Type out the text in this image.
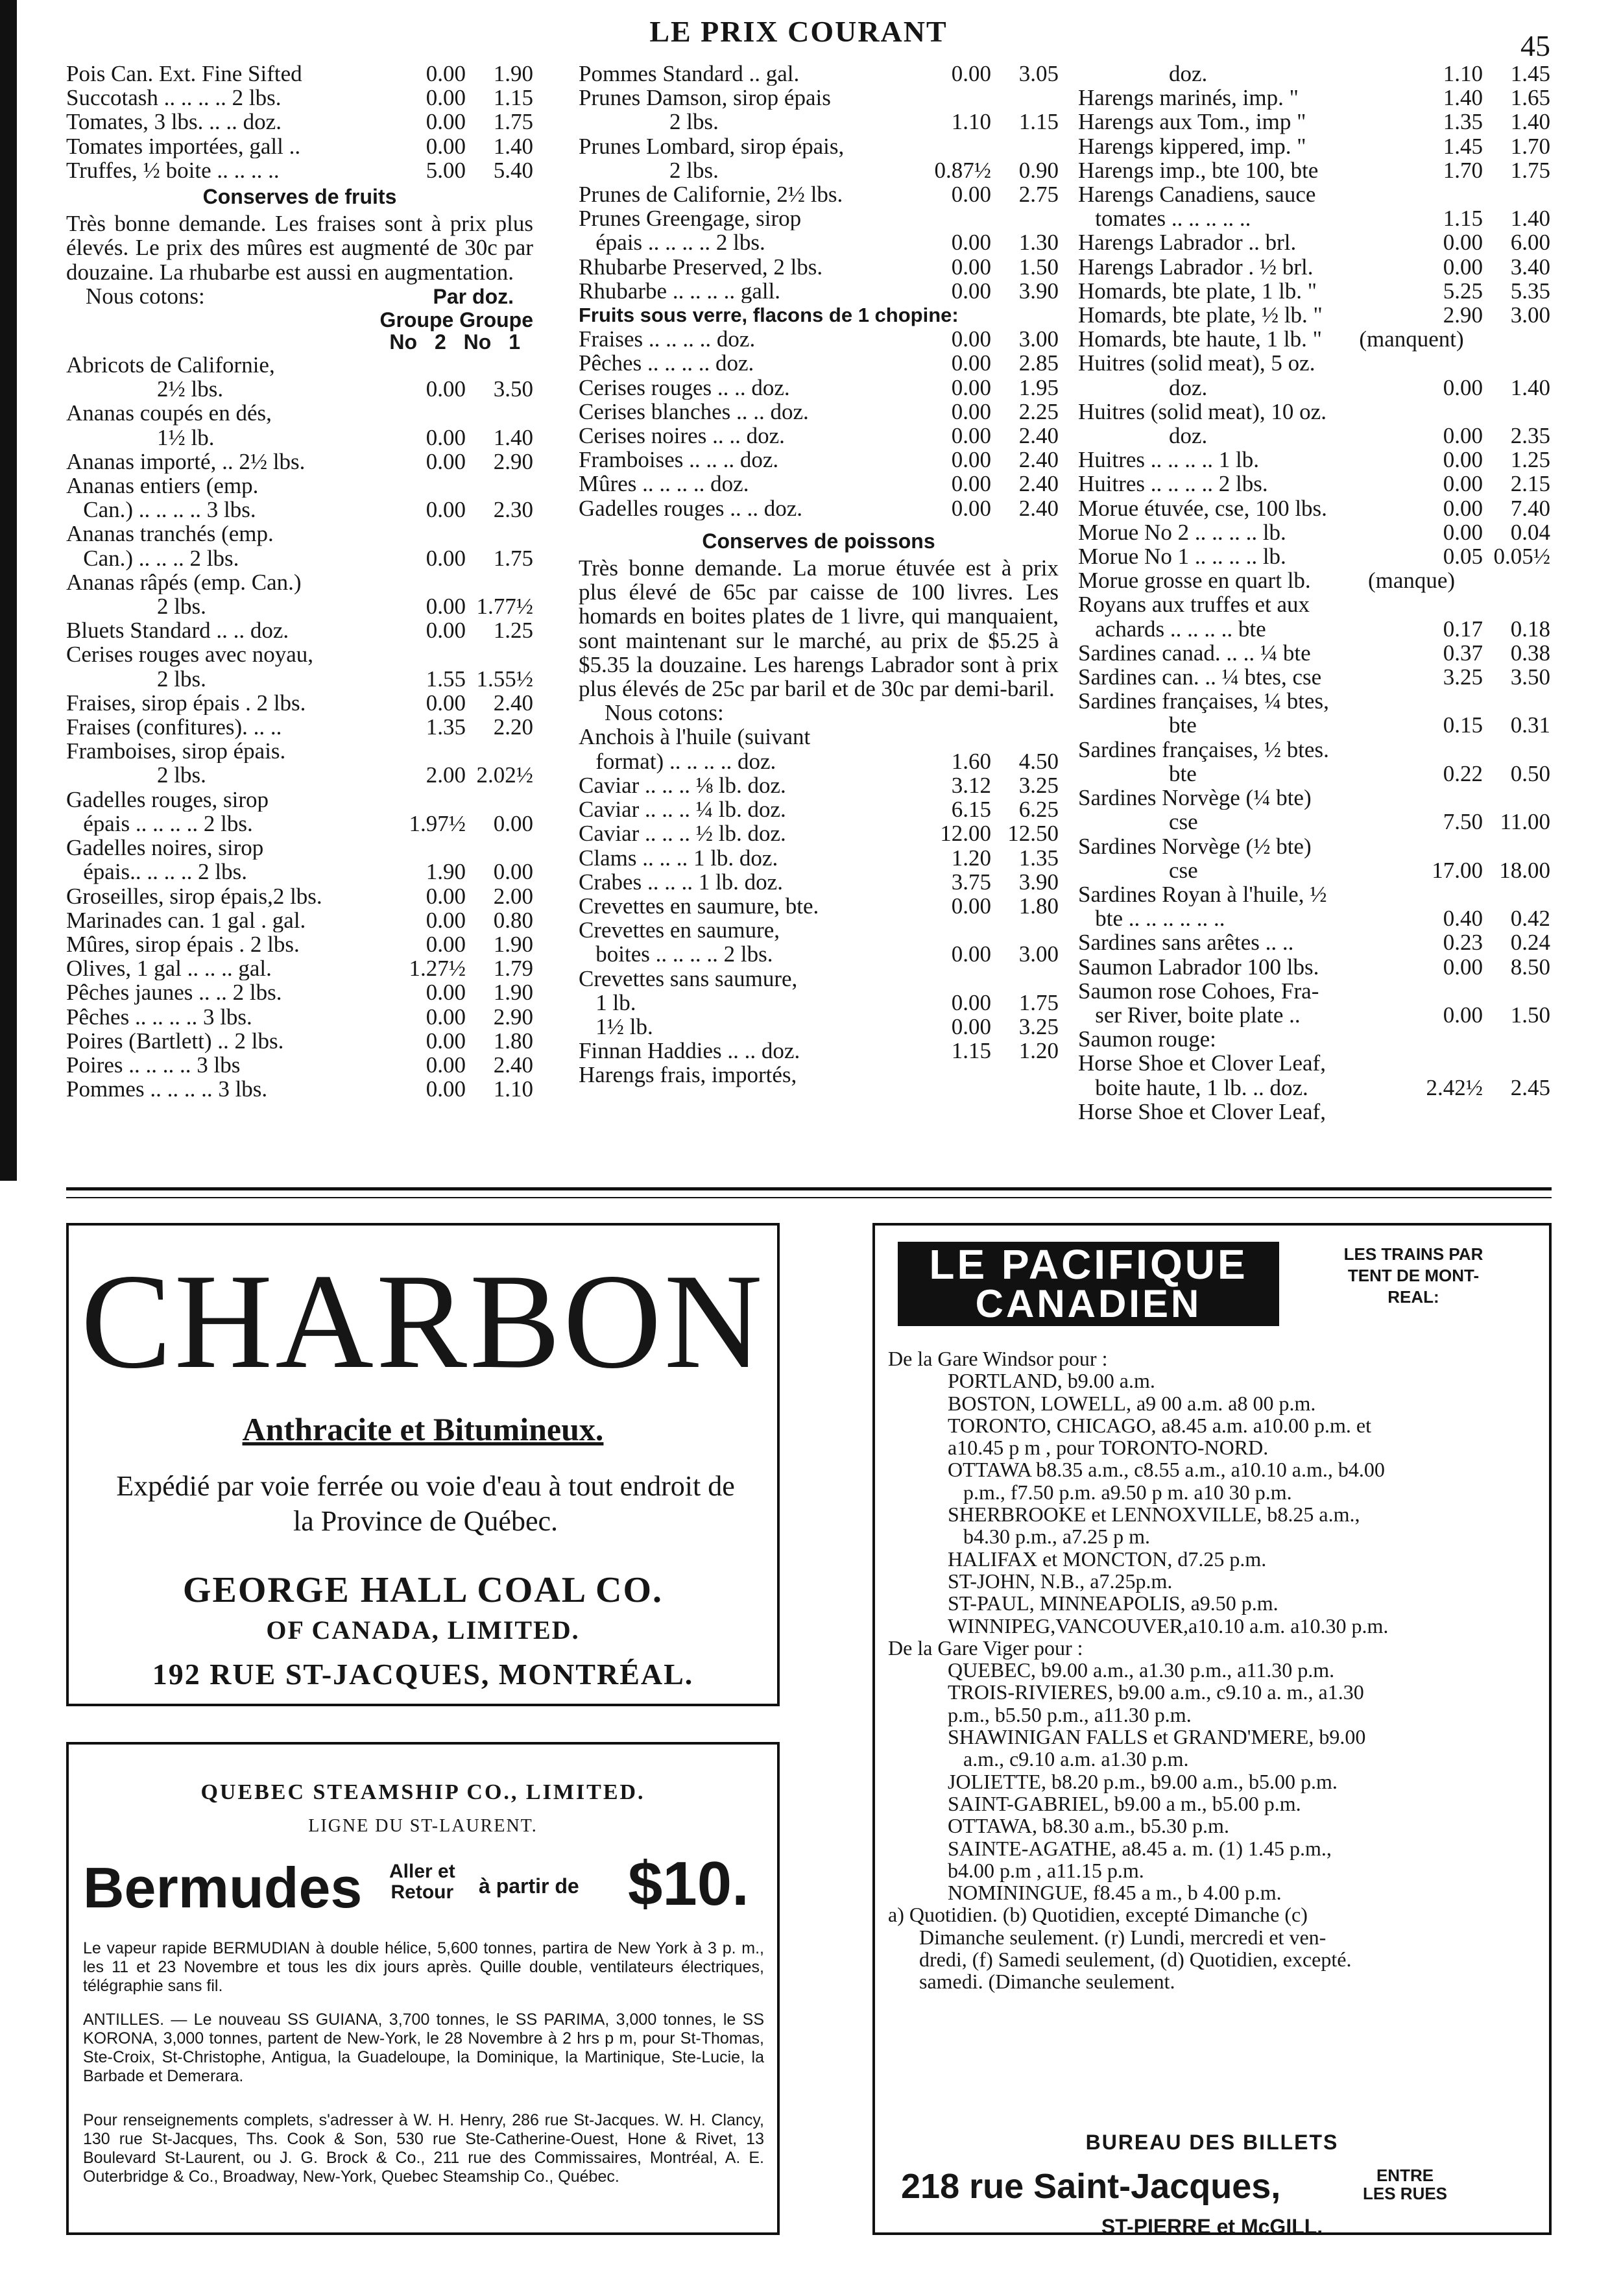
LE PRIX COURANT	45
Pois Can. Ext. Fine Sifted	0.00	1.90
Succotash .. .. .. .. 2 lbs.	0.00	1.15
Tomates, 3 lbs. .. .. doz.	0.00	1.75
Tomates importées, gall ..	0.00	1.40
Truffes, ½ boite .. .. .. ..	5.00	5.40
Conserves de fruits
Très bonne demande. Les fraises sont à prix plus élevés. Le prix des mûres est augmenté de 30c par douzaine. La rhubarbe est aussi en augmentation.
Nous cotons:	Par doz.
Groupe Groupe
No 2 No 1
Abricots de Californie,
2½ lbs.	0.00	3.50
Ananas coupés en dés,
1½ lb.	0.00	1.40
Ananas importé, .. 2½ lbs.	0.00	2.90
Ananas entiers (emp.
Can.) .. .. .. .. 3 lbs.	0.00	2.30
Ananas tranchés (emp.
Can.) .. .. .. 2 lbs.	0.00	1.75
Ananas râpés (emp. Can.)
2 lbs.	0.00 1.77½
Bluets Standard .. .. doz.	0.00	1.25
Cerises rouges avec noyau,
2 lbs.	1.55 1.55½
Fraises, sirop épais . 2 lbs.	0.00	2.40
Fraises (confitures). .. ..	1.35	2.20
Framboises, sirop épais.
2 lbs.	2.00 2.02½
Gadelles rouges, sirop
épais .. .. .. .. 2 lbs.	1.97½	0.00
Gadelles noires, sirop
épais.. .. .. .. 2 lbs.	1.90	0.00
Groseilles, sirop épais,2 lbs.	0.00	2.00
Marinades can. 1 gal . gal.	0.00	0.80
Mûres, sirop épais . 2 lbs.	0.00	1.90
Olives, 1 gal .. .. .. gal.	1.27½	1.79
Pêches jaunes .. .. 2 lbs.	0.00	1.90
Pêches .. .. .. .. 3 lbs.	0.00	2.90
Poires (Bartlett) .. 2 lbs.	0.00	1.80
Poires .. .. .. .. 3 lbs	0.00	2.40
Pommes .. .. .. .. 3 lbs.	0.00	1.10
Pommes Standard .. gal.	0.00	3.05
Prunes Damson, sirop épais
2 lbs.	1.10	1.15
Prunes Lombard, sirop épais,
2 lbs.	0.87½	0.90
Prunes de Californie, 2½ lbs.	0.00	2.75
Prunes Greengage, sirop
épais .. .. .. .. 2 lbs.	0.00	1.30
Rhubarbe Preserved, 2 lbs.	0.00	1.50
Rhubarbe .. .. .. .. gall.	0.00	3.90
Fruits sous verre, flacons de 1 chopine:
Fraises .. .. .. .. doz.	0.00	3.00
Pêches .. .. .. .. doz.	0.00	2.85
Cerises rouges .. .. doz.	0.00	1.95
Cerises blanches .. .. doz.	0.00	2.25
Cerises noires .. .. doz.	0.00	2.40
Framboises .. .. .. doz.	0.00	2.40
Mûres .. .. .. .. doz.	0.00	2.40
Gadelles rouges .. .. doz.	0.00	2.40
Conserves de poissons
Très bonne demande. La morue étuvée est à prix plus élevé de 65c par caisse de 100 livres. Les homards en boites plates de 1 livre, qui manquaient, sont maintenant sur le marché, au prix de $5.25 à $5.35 la douzaine. Les harengs Labrador sont à prix plus élevés de 25c par baril et de 30c par demi-baril.
Nous cotons:
Anchois à l'huile (suivant
format) .. .. .. .. doz.	1.60	4.50
Caviar .. .. .. ⅛ lb. doz.	3.12	3.25
Caviar .. .. .. ¼ lb. doz.	6.15	6.25
Caviar .. .. .. ½ lb. doz.	12.00 12.50
Clams .. .. .. 1 lb. doz.	1.20	1.35
Crabes .. .. .. 1 lb. doz.	3.75	3.90
Crevettes en saumure, bte.	0.00	1.80
Crevettes en saumure,
boites .. .. .. .. 2 lbs.	0.00	3.00
Crevettes sans saumure,
1 lb.	0.00	1.75
1½ lb.	0.00	3.25
Finnan Haddies .. .. doz.	1.15	1.20
Harengs frais, importés,
doz.	1.10	1.45
Harengs marinés, imp. "	1.40	1.65
Harengs aux Tom., imp "	1.35	1.40
Harengs kippered, imp. "	1.45	1.70
Harengs imp., bte 100, bte	1.70	1.75
Harengs Canadiens, sauce
tomates .. .. .. .. ..	1.15	1.40
Harengs Labrador .. brl.	0.00	6.00
Harengs Labrador . ½ brl.	0.00	3.40
Homards, bte plate, 1 lb. "	5.25	5.35
Homards, bte plate, ½ lb. "	2.90	3.00
Homards, bte haute, 1 lb. "	(manquent)
Huitres (solid meat), 5 oz.
doz.	0.00	1.40
Huitres (solid meat), 10 oz.
doz.	0.00	2.35
Huitres .. .. .. .. 1 lb.	0.00	1.25
Huitres .. .. .. .. 2 lbs.	0.00	2.15
Morue étuvée, cse, 100 lbs.	0.00	7.40
Morue No 2 .. .. .. .. lb.	0.00	0.04
Morue No 1 .. .. .. .. lb.	0.05 0.05½
Morue grosse en quart lb.	(manque)
Royans aux truffes et aux
achards .. .. .. .. bte	0.17	0.18
Sardines canad. .. .. ¼ bte	0.37	0.38
Sardines can. .. ¼ btes, cse	3.25	3.50
Sardines françaises, ¼ btes,
bte	0.15	0.31
Sardines françaises, ½ btes.
bte	0.22	0.50
Sardines Norvège (¼ bte)
cse	7.50 11.00
Sardines Norvège (½ bte)
cse	17.00 18.00
Sardines Royan à l'huile, ½
bte .. .. .. .. .. ..	0.40	0.42
Sardines sans arêtes .. ..	0.23	0.24
Saumon Labrador 100 lbs.	0.00	8.50
Saumon rose Cohoes, Fra-
ser River, boite plate ..	0.00	1.50
Saumon rouge:
Horse Shoe et Clover Leaf,
boite haute, 1 lb. .. doz.	2.42½	2.45
Horse Shoe et Clover Leaf,
CHARBON
Anthracite et Bitumineux.
Expédié par voie ferrée ou voie d'eau à tout endroit de la Province de Québec.
GEORGE HALL COAL CO.
OF CANADA, LIMITED.
192 RUE ST-JACQUES, MONTRÉAL.
QUEBEC STEAMSHIP CO., LIMITED.
LIGNE DU ST-LAURENT.
Bermudes Aller et
Retour à partir de $10.
Le vapeur rapide BERMUDIAN à double hélice, 5,600 tonnes, partira de New York à 3 p. m., les 11 et 23 Novembre et tous les dix jours après. Quille double, ventilateurs électriques, télégraphie sans fil.
ANTILLES. — Le nouveau SS GUIANA, 3,700 tonnes, le SS PARIMA, 3,000 tonnes, le SS KORONA, 3,000 tonnes, partent de New-York, le 28 Novembre à 2 hrs p m, pour St-Thomas, Ste-Croix, St-Christophe, Antigua, la Guadeloupe, la Dominique, la Martinique, Ste-Lucie, la Barbade et Demerara.
Pour renseignements complets, s'adresser à W. H. Henry, 286 rue St-Jacques. W. H. Clancy, 130 rue St-Jacques, Ths. Cook & Son, 530 rue Ste-Catherine-Ouest, Hone & Rivet, 13 Boulevard St-Laurent, ou J. G. Brock & Co., 211 rue des Commissaires, Montréal, A. E. Outerbridge & Co., Broadway, New-York, Quebec Steamship Co., Québec.
LE PACIFIQUE
CANADIEN
LES TRAINS PAR
TENT DE MONT-
REAL:
De la Gare Windsor pour :
PORTLAND, b9.00 a.m.
BOSTON, LOWELL, a9 00 a.m. a8 00 p.m.
TORONTO, CHICAGO, a8.45 a.m. a10.00 p.m. et
a10.45 p m , pour TORONTO-NORD.
OTTAWA b8.35 a.m., c8.55 a.m., a10.10 a.m., b4.00
p.m., f7.50 p.m. a9.50 p m. a10 30 p.m.
SHERBROOKE et LENNOXVILLE, b8.25 a.m.,
b4.30 p.m., a7.25 p m.
HALIFAX et MONCTON, d7.25 p.m.
ST-JOHN, N.B., a7.25p.m.
ST-PAUL, MINNEAPOLIS, a9.50 p.m.
WINNIPEG,VANCOUVER,a10.10 a.m. a10.30 p.m.
De la Gare Viger pour :
QUEBEC, b9.00 a.m., a1.30 p.m., a11.30 p.m.
TROIS-RIVIERES, b9.00 a.m., c9.10 a. m., a1.30
p.m., b5.50 p.m., a11.30 p.m.
SHAWINIGAN FALLS et GRAND'MERE, b9.00
a.m., c9.10 a.m. a1.30 p.m.
JOLIETTE, b8.20 p.m., b9.00 a.m., b5.00 p.m.
SAINT-GABRIEL, b9.00 a m., b5.00 p.m.
OTTAWA, b8.30 a.m., b5.30 p.m.
SAINTE-AGATHE, a8.45 a. m. (1) 1.45 p.m.,
b4.00 p.m , a11.15 p.m.
NOMININGUE, f8.45 a m., b 4.00 p.m.
a) Quotidien. (b) Quotidien, excepté Dimanche (c)
Dimanche seulement. (r) Lundi, mercredi et ven-
dredi, (f) Samedi seulement, (d) Quotidien, excepté.
samedi. (Dimanche seulement.
BUREAU DES BILLETS
218 rue Saint-Jacques,	ENTRE
LES RUES
ST-PIERRE et McGILL.
